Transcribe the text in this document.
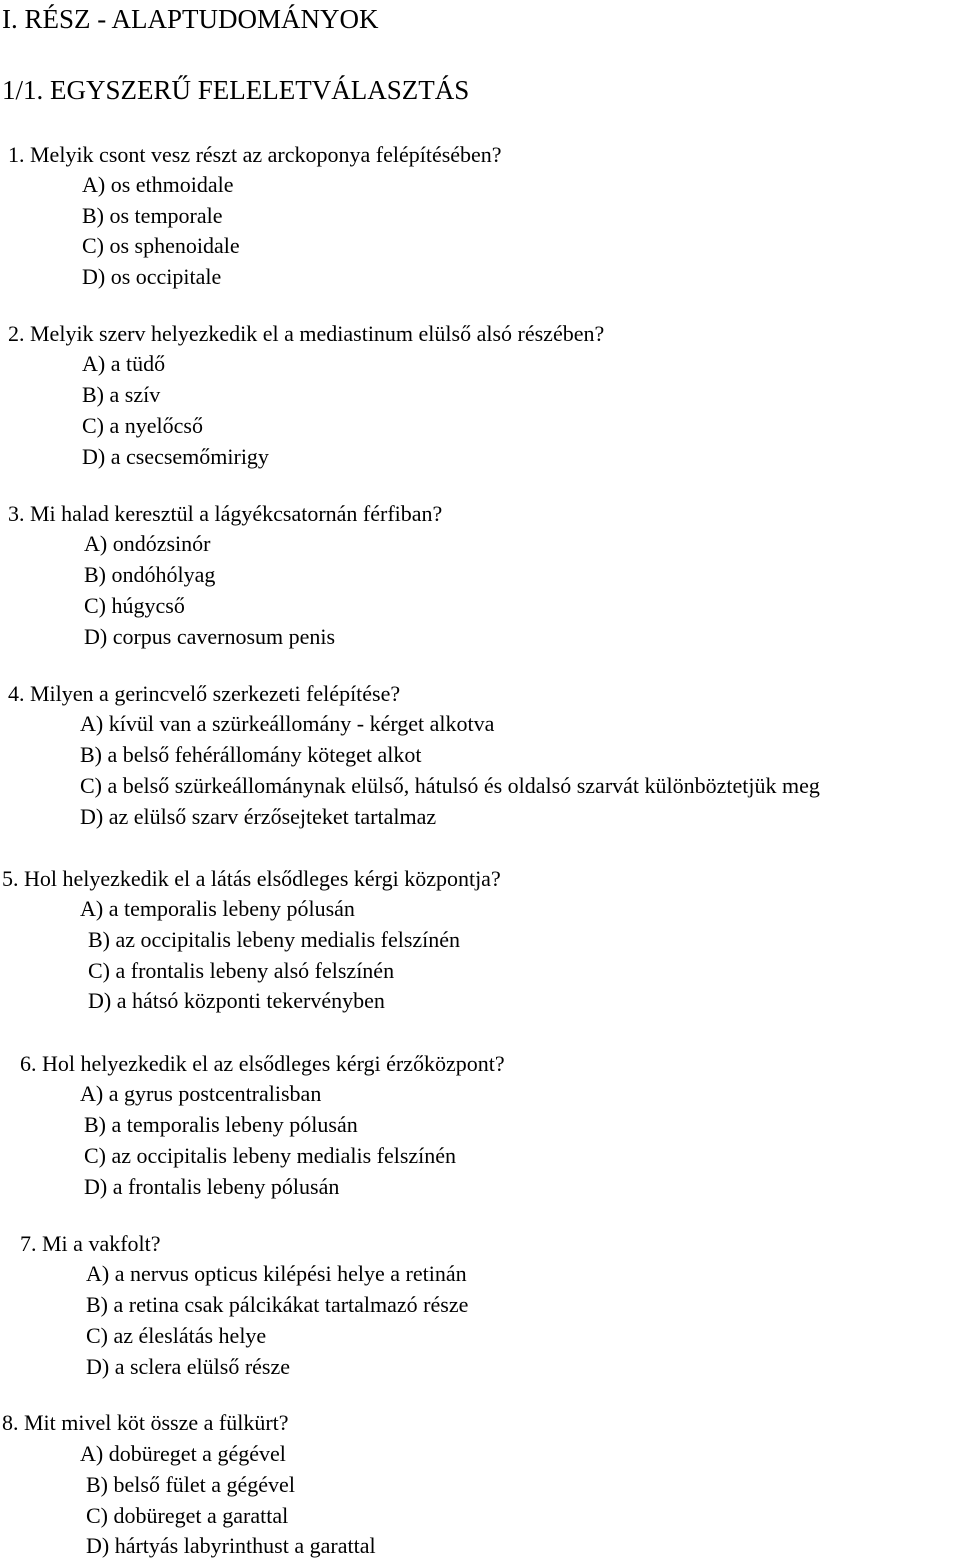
I. RÉSZ - ALAPTUDOMÁNYOK
1/1. EGYSZERŰ FELELETVÁLASZTÁS
1. Melyik csont vesz részt az arckoponya felépítésében?
A) os ethmoidale
B) os temporale
C) os sphenoidale
D) os occipitale
2. Melyik szerv helyezkedik el a mediastinum elülső alsó részében?
A) a tüdő
B) a szív
C) a nyelőcső
D) a csecsemőmirigy
3. Mi halad keresztül a lágyékcsatornán férfiban?
A) ondózsinór
B) ondóhólyag
C) húgycső
D) corpus cavernosum penis
4. Milyen a gerincvelő szerkezeti felépítése?
A) kívül van a szürkeállomány - kérget alkotva
B) a belső fehérállomány köteget alkot
C) a belső szürkeállománynak elülső, hátulsó és oldalsó szarvát különböztetjük meg
D) az elülső szarv érzősejteket tartalmaz
5. Hol helyezkedik el a látás elsődleges kérgi központja?
A) a temporalis lebeny pólusán
B) az occipitalis lebeny medialis felszínén
C) a frontalis lebeny alsó felszínén
D) a hátsó központi tekervényben
6. Hol helyezkedik el az elsődleges kérgi érzőközpont?
A) a gyrus postcentralisban
B) a temporalis lebeny pólusán
C) az occipitalis lebeny medialis felszínén
D) a frontalis lebeny pólusán
7. Mi a vakfolt?
A) a nervus opticus kilépési helye a retinán
B) a retina csak pálcikákat tartalmazó része
C) az éleslátás helye
D) a sclera elülső része
8. Mit mivel köt össze a fülkürt?
A) dobüreget a gégével
B) belső fület a gégével
C) dobüreget a garattal
D) hártyás labyrinthust a garattal
